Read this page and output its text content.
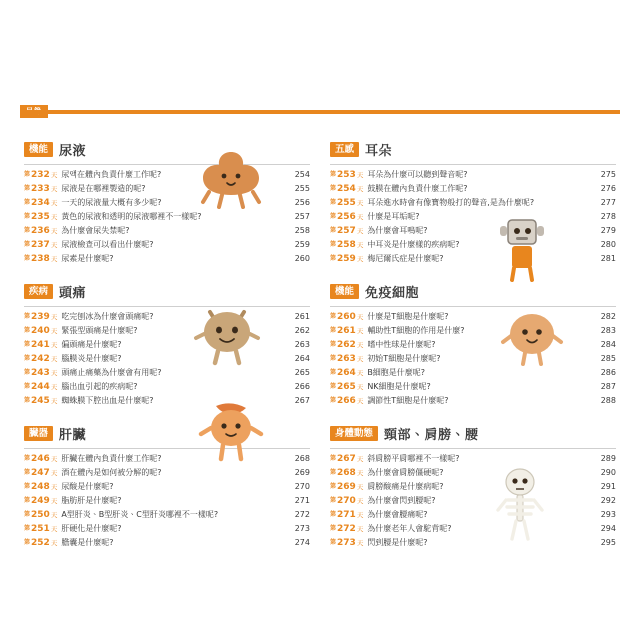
目錄
機能 尿液
第 232 天 尿액在體內負責什麼工作呢?	254
第 233 天 尿液是在哪裡製造的呢?	255
第 234 天 一天的尿液量大概有多少呢?	256
第 235 天 黃色的尿液和透明的尿液哪裡不一樣呢?	257
第 236 天 為什麼會尿失禁呢?	258
第 237 天 尿液檢查可以看出什麼呢?	259
第 238 天 尿素是什麼呢?	260
疾病 頭痛
第 239 天 吃完刨冰為什麼會頭痛呢?	261
第 240 天 緊張型頭痛是什麼呢?	262
第 241 天 偏頭痛是什麼呢?	263
第 242 天 腦膜炎是什麼呢?	264
第 243 天 頭痛止痛藥為什麼會有用呢?	265
第 244 天 腦出血引起的疾病呢?	266
第 245 天 蜘蛛膜下腔出血是什麼呢?	267
臟器 肝臟
第 246 天 肝臟在體內負責什麼工作呢?	268
第 247 天 酒在體內是如何被分解的呢?	269
第 248 天 尿酸是什麼呢?	270
第 249 天 脂肪肝是什麼呢?	271
第 250 天 A型肝炎、B型肝炎、C型肝炎哪裡不一樣呢?	272
第 251 天 肝硬化是什麼呢?	273
第 252 天 膽囊是什麼呢?	274
五感 耳朵
第 253 天 耳朵為什麼可以聽到聲音呢?	275
第 254 天 鼓膜在體內負責什麼工作呢?	276
第 255 天 耳朵進水時會有像寶物般打的聲音,是為什麼呢?	277
第 256 天 什麼是耳垢呢?	278
第 257 天 為什麼會耳鳴呢?	279
第 258 天 中耳炎是什麼樣的疾病呢?	280
第 259 天 梅尼爾氏症是什麼呢?	281
機能 免疫細胞
第 260 天 什麼是T細胞是什麼呢?	282
第 261 天 輔助性T細胞的作用是什麼?	283
第 262 天 嗜中性球是什麼呢?	284
第 263 天 初始T細胞是什麼呢?	285
第 264 天 B細胞是什麼呢?	286
第 265 天 NK細胞是什麼呢?	287
第 266 天 調節性T細胞是什麼呢?	288
身體動態 頸部、肩膀、腰
第 267 天 斜肩膀平肩哪裡不一樣呢?	289
第 268 天 為什麼會肩膀僵硬呢?	290
第 269 天 肩膀酸痛是什麼病呢?	291
第 270 天 為什麼會閃到腰呢?	292
第 271 天 為什麼會腰痛呢?	293
第 272 天 為什麼老年人會駝背呢?	294
第 273 天 閃到腰是什麼呢?	295
